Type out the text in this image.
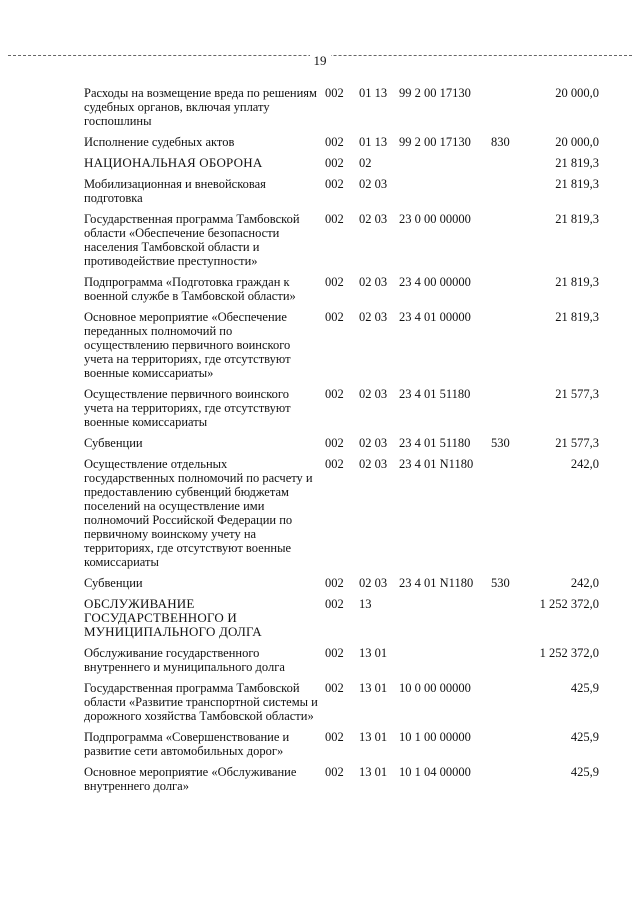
19
Расходы на возмещение вреда по решениям судебных органов, включая уплату госпошлины	002	01 13	99 2 00 17130		20 000,0
Исполнение судебных актов	002	01 13	99 2 00 17130	830	20 000,0
НАЦИОНАЛЬНАЯ ОБОРОНА	002	02			21 819,3
Мобилизационная и вневойсковая подготовка	002	02 03			21 819,3
Государственная программа Тамбовской области «Обеспечение безопасности населения Тамбовской области и противодействие преступности»	002	02 03	23 0 00 00000		21 819,3
Подпрограмма «Подготовка граждан к военной службе в Тамбовской области»	002	02 03	23 4 00 00000		21 819,3
Основное мероприятие «Обеспечение переданных полномочий по осуществлению первичного воинского учета на территориях, где отсутствуют военные комиссариаты»	002	02 03	23 4 01 00000		21 819,3
Осуществление первичного воинского учета на территориях, где отсутствуют военные комиссариаты	002	02 03	23 4 01 51180		21 577,3
Субвенции	002	02 03	23 4 01 51180	530	21 577,3
Осуществление отдельных государственных полномочий по расчету и предоставлению субвенций бюджетам поселений на осуществление ими полномочий Российской Федерации по первичному воинскому учету на территориях, где отсутствуют военные комиссариаты	002	02 03	23 4 01 N1180		242,0
Субвенции	002	02 03	23 4 01 N1180	530	242,0
ОБСЛУЖИВАНИЕ ГОСУДАРСТВЕННОГО И МУНИЦИПАЛЬНОГО ДОЛГА	002	13			1 252 372,0
Обслуживание государственного внутреннего и муниципального долга	002	13 01			1 252 372,0
Государственная программа Тамбовской области «Развитие транспортной системы и дорожного хозяйства Тамбовской области»	002	13 01	10 0 00 00000		425,9
Подпрограмма «Совершенствование и развитие сети автомобильных дорог»	002	13 01	10 1 00 00000		425,9
Основное мероприятие «Обслуживание внутреннего долга»	002	13 01	10 1 04 00000		425,9
